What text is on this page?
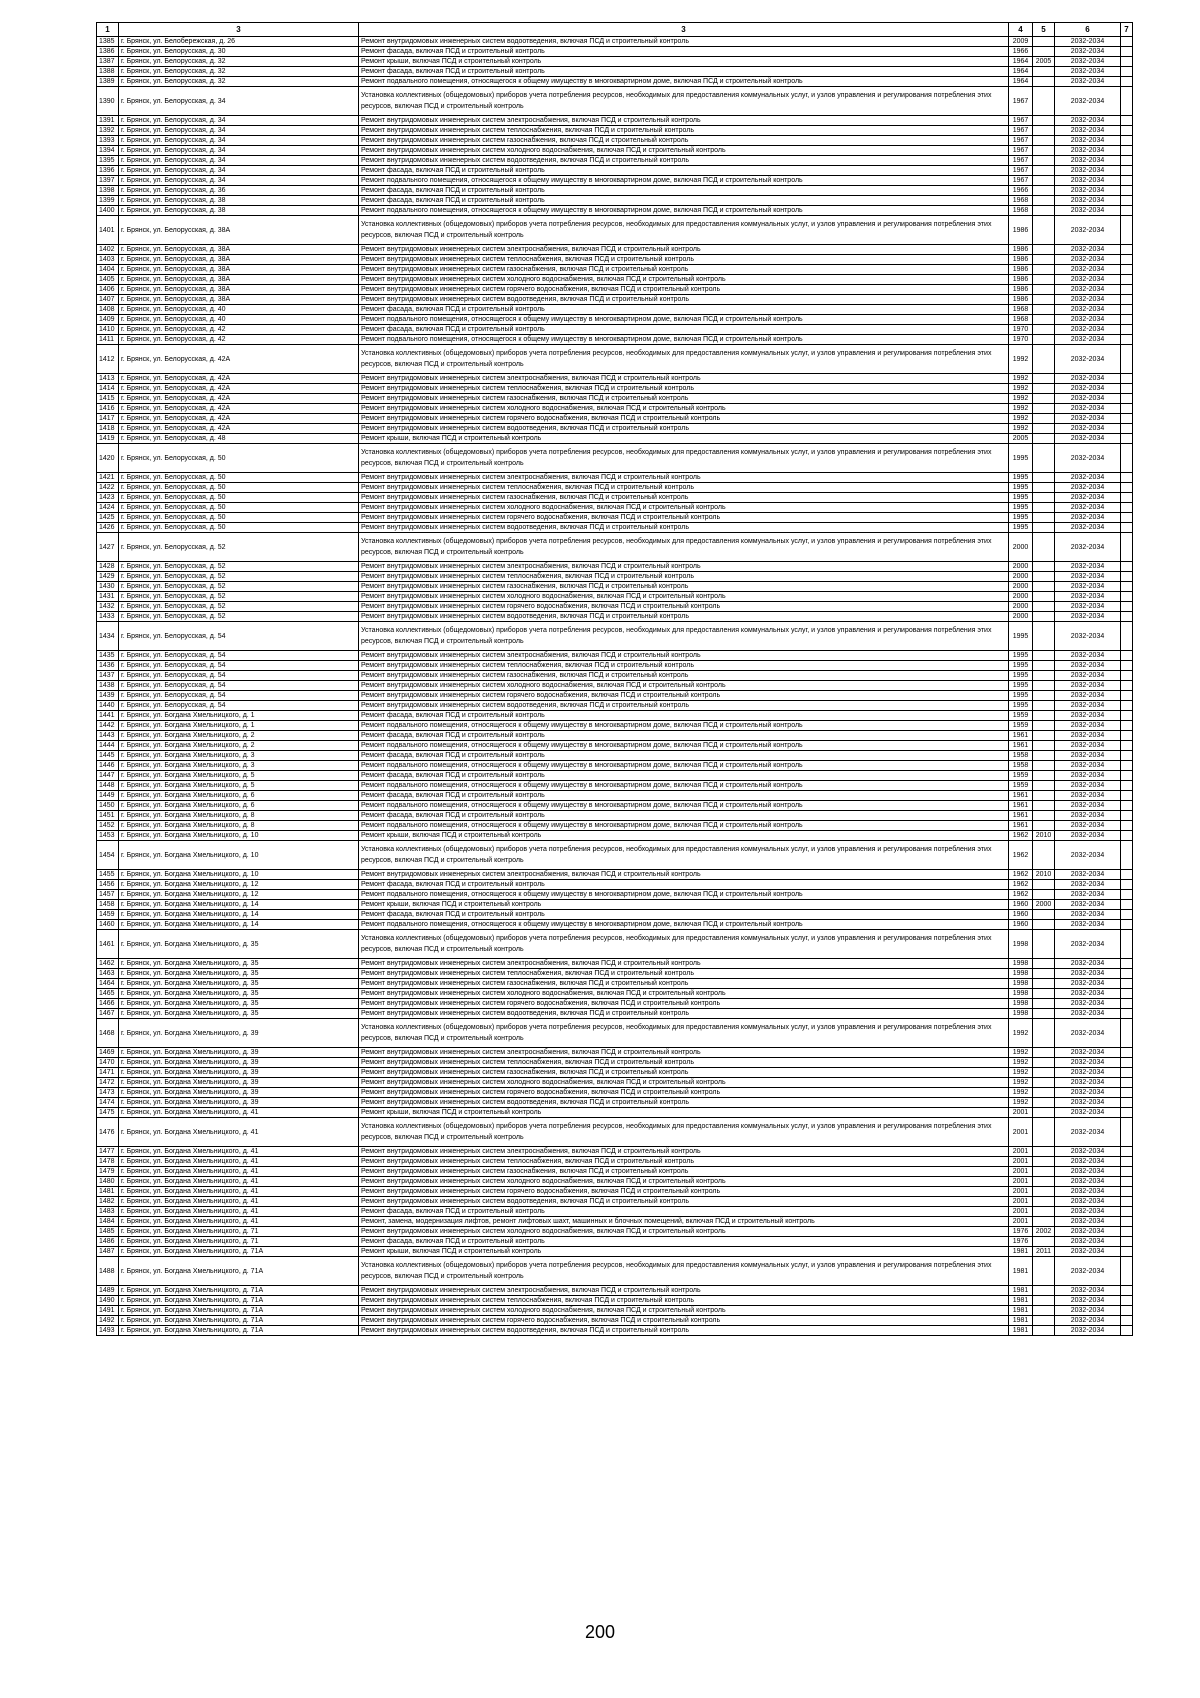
1	3	3	4	5	6	7
1385	г. Брянск, ул. Белобережская, д. 26	Ремонт внутридомовых инженерных систем водоотведения, включая ПСД и строительный контроль	2009		2032-2034	
1386	г. Брянск, ул. Белорусская, д. 30	Ремонт фасада, включая ПСД и строительный контроль	1966		2032-2034	
1387	г. Брянск, ул. Белорусская, д. 32	Ремонт крыши, включая ПСД и строительный контроль	1964	2005	2032-2034	
1388	г. Брянск, ул. Белорусская, д. 32	Ремонт фасада, включая ПСД и строительный контроль	1964		2032-2034	
1389	г. Брянск, ул. Белорусская, д. 32	Ремонт подвального помещения, относящегося к общему имуществу в многоквартирном доме, включая ПСД и строительный контроль	1964		2032-2034	
1390	г. Брянск, ул. Белорусская, д. 34	Установка коллективных (общедомовых) приборов учета потребления ресурсов, необходимых для предоставления коммунальных услуг, и узлов управления и регулирования потребления этих ресурсов, включая ПСД и строительный контроль	1967		2032-2034	
1391	г. Брянск, ул. Белорусская, д. 34	Ремонт внутридомовых инженерных систем электроснабжения, включая ПСД и строительный контроль	1967		2032-2034	
1392	г. Брянск, ул. Белорусская, д. 34	Ремонт внутридомовых инженерных систем теплоснабжения, включая ПСД и строительный контроль	1967		2032-2034	
1393	г. Брянск, ул. Белорусская, д. 34	Ремонт внутридомовых инженерных систем газоснабжения, включая ПСД и строительный контроль	1967		2032-2034	
1394	г. Брянск, ул. Белорусская, д. 34	Ремонт внутридомовых инженерных систем холодного водоснабжения, включая ПСД и строительный контроль	1967		2032-2034	
1395	г. Брянск, ул. Белорусская, д. 34	Ремонт внутридомовых инженерных систем водоотведения, включая ПСД и строительный контроль	1967		2032-2034	
1396	г. Брянск, ул. Белорусская, д. 34	Ремонт фасада, включая ПСД и строительный контроль	1967		2032-2034	
1397	г. Брянск, ул. Белорусская, д. 34	Ремонт подвального помещения, относящегося к общему имуществу в многоквартирном доме, включая ПСД и строительный контроль	1967		2032-2034	
1398	г. Брянск, ул. Белорусская, д. 36	Ремонт фасада, включая ПСД и строительный контроль	1966		2032-2034	
1399	г. Брянск, ул. Белорусская, д. 38	Ремонт фасада, включая ПСД и строительный контроль	1968		2032-2034	
1400	г. Брянск, ул. Белорусская, д. 38	Ремонт подвального помещения, относящегося к общему имуществу в многоквартирном доме, включая ПСД и строительный контроль	1968		2032-2034	
1401	г. Брянск, ул. Белорусская, д. 38А	Установка коллективных (общедомовых) приборов учета потребления ресурсов, необходимых для предоставления коммунальных услуг, и узлов управления и регулирования потребления этих ресурсов, включая ПСД и строительный контроль	1986		2032-2034	
1402	г. Брянск, ул. Белорусская, д. 38А	Ремонт внутридомовых инженерных систем электроснабжения, включая ПСД и строительный контроль	1986		2032-2034	
1403	г. Брянск, ул. Белорусская, д. 38А	Ремонт внутридомовых инженерных систем теплоснабжения, включая ПСД и строительный контроль	1986		2032-2034	
1404	г. Брянск, ул. Белорусская, д. 38А	Ремонт внутридомовых инженерных систем газоснабжения, включая ПСД и строительный контроль	1986		2032-2034	
1405	г. Брянск, ул. Белорусская, д. 38А	Ремонт внутридомовых инженерных систем холодного водоснабжения, включая ПСД и строительный контроль	1986		2032-2034	
1406	г. Брянск, ул. Белорусская, д. 38А	Ремонт внутридомовых инженерных систем горячего водоснабжения, включая ПСД и строительный контроль	1986		2032-2034	
1407	г. Брянск, ул. Белорусская, д. 38А	Ремонт внутридомовых инженерных систем водоотведения, включая ПСД и строительный контроль	1986		2032-2034	
1408	г. Брянск, ул. Белорусская, д. 40	Ремонт фасада, включая ПСД и строительный контроль	1968		2032-2034	
1409	г. Брянск, ул. Белорусская, д. 40	Ремонт подвального помещения, относящегося к общему имуществу в многоквартирном доме, включая ПСД и строительный контроль	1968		2032-2034	
1410	г. Брянск, ул. Белорусская, д. 42	Ремонт фасада, включая ПСД и строительный контроль	1970		2032-2034	
1411	г. Брянск, ул. Белорусская, д. 42	Ремонт подвального помещения, относящегося к общему имуществу в многоквартирном доме, включая ПСД и строительный контроль	1970		2032-2034	
1412	г. Брянск, ул. Белорусская, д. 42А	Установка коллективных (общедомовых) приборов учета потребления ресурсов, необходимых для предоставления коммунальных услуг, и узлов управления и регулирования потребления этих ресурсов, включая ПСД и строительный контроль	1992		2032-2034	
1413	г. Брянск, ул. Белорусская, д. 42А	Ремонт внутридомовых инженерных систем электроснабжения, включая ПСД и строительный контроль	1992		2032-2034	
1414	г. Брянск, ул. Белорусская, д. 42А	Ремонт внутридомовых инженерных систем теплоснабжения, включая ПСД и строительный контроль	1992		2032-2034	
1415	г. Брянск, ул. Белорусская, д. 42А	Ремонт внутридомовых инженерных систем газоснабжения, включая ПСД и строительный контроль	1992		2032-2034	
1416	г. Брянск, ул. Белорусская, д. 42А	Ремонт внутридомовых инженерных систем холодного водоснабжения, включая ПСД и строительный контроль	1992		2032-2034	
1417	г. Брянск, ул. Белорусская, д. 42А	Ремонт внутридомовых инженерных систем горячего водоснабжения, включая ПСД и строительный контроль	1992		2032-2034	
1418	г. Брянск, ул. Белорусская, д. 42А	Ремонт внутридомовых инженерных систем водоотведения, включая ПСД и строительный контроль	1992		2032-2034	
1419	г. Брянск, ул. Белорусская, д. 48	Ремонт крыши, включая ПСД и строительный контроль	2005		2032-2034	
1420	г. Брянск, ул. Белорусская, д. 50	Установка коллективных (общедомовых) приборов учета потребления ресурсов, необходимых для предоставления коммунальных услуг, и узлов управления и регулирования потребления этих ресурсов, включая ПСД и строительный контроль	1995		2032-2034	
1421	г. Брянск, ул. Белорусская, д. 50	Ремонт внутридомовых инженерных систем электроснабжения, включая ПСД и строительный контроль	1995		2032-2034	
1422	г. Брянск, ул. Белорусская, д. 50	Ремонт внутридомовых инженерных систем теплоснабжения, включая ПСД и строительный контроль	1995		2032-2034	
1423	г. Брянск, ул. Белорусская, д. 50	Ремонт внутридомовых инженерных систем газоснабжения, включая ПСД и строительный контроль	1995		2032-2034	
1424	г. Брянск, ул. Белорусская, д. 50	Ремонт внутридомовых инженерных систем холодного водоснабжения, включая ПСД и строительный контроль	1995		2032-2034	
1425	г. Брянск, ул. Белорусская, д. 50	Ремонт внутридомовых инженерных систем горячего водоснабжения, включая ПСД и строительный контроль	1995		2032-2034	
1426	г. Брянск, ул. Белорусская, д. 50	Ремонт внутридомовых инженерных систем водоотведения, включая ПСД и строительный контроль	1995		2032-2034	
1427	г. Брянск, ул. Белорусская, д. 52	Установка коллективных (общедомовых) приборов учета потребления ресурсов, необходимых для предоставления коммунальных услуг, и узлов управления и регулирования потребления этих ресурсов, включая ПСД и строительный контроль	2000		2032-2034	
1428	г. Брянск, ул. Белорусская, д. 52	Ремонт внутридомовых инженерных систем электроснабжения, включая ПСД и строительный контроль	2000		2032-2034	
1429	г. Брянск, ул. Белорусская, д. 52	Ремонт внутридомовых инженерных систем теплоснабжения, включая ПСД и строительный контроль	2000		2032-2034	
1430	г. Брянск, ул. Белорусская, д. 52	Ремонт внутридомовых инженерных систем газоснабжения, включая ПСД и строительный контроль	2000		2032-2034	
1431	г. Брянск, ул. Белорусская, д. 52	Ремонт внутридомовых инженерных систем холодного водоснабжения, включая ПСД и строительный контроль	2000		2032-2034	
1432	г. Брянск, ул. Белорусская, д. 52	Ремонт внутридомовых инженерных систем горячего водоснабжения, включая ПСД и строительный контроль	2000		2032-2034	
1433	г. Брянск, ул. Белорусская, д. 52	Ремонт внутридомовых инженерных систем водоотведения, включая ПСД и строительный контроль	2000		2032-2034	
1434	г. Брянск, ул. Белорусская, д. 54	Установка коллективных (общедомовых) приборов учета потребления ресурсов, необходимых для предоставления коммунальных услуг, и узлов управления и регулирования потребления этих ресурсов, включая ПСД и строительный контроль	1995		2032-2034	
1435	г. Брянск, ул. Белорусская, д. 54	Ремонт внутридомовых инженерных систем электроснабжения, включая ПСД и строительный контроль	1995		2032-2034	
1436	г. Брянск, ул. Белорусская, д. 54	Ремонт внутридомовых инженерных систем теплоснабжения, включая ПСД и строительный контроль	1995		2032-2034	
1437	г. Брянск, ул. Белорусская, д. 54	Ремонт внутридомовых инженерных систем газоснабжения, включая ПСД и строительный контроль	1995		2032-2034	
1438	г. Брянск, ул. Белорусская, д. 54	Ремонт внутридомовых инженерных систем холодного водоснабжения, включая ПСД и строительный контроль	1995		2032-2034	
1439	г. Брянск, ул. Белорусская, д. 54	Ремонт внутридомовых инженерных систем горячего водоснабжения, включая ПСД и строительный контроль	1995		2032-2034	
1440	г. Брянск, ул. Белорусская, д. 54	Ремонт внутридомовых инженерных систем водоотведения, включая ПСД и строительный контроль	1995		2032-2034	
1441	г. Брянск, ул. Богдана Хмельницкого, д. 1	Ремонт фасада, включая ПСД и строительный контроль	1959		2032-2034	
1442	г. Брянск, ул. Богдана Хмельницкого, д. 1	Ремонт подвального помещения, относящегося к общему имуществу в многоквартирном доме, включая ПСД и строительный контроль	1959		2032-2034	
1443	г. Брянск, ул. Богдана Хмельницкого, д. 2	Ремонт фасада, включая ПСД и строительный контроль	1961		2032-2034	
1444	г. Брянск, ул. Богдана Хмельницкого, д. 2	Ремонт подвального помещения, относящегося к общему имуществу в многоквартирном доме, включая ПСД и строительный контроль	1961		2032-2034	
1445	г. Брянск, ул. Богдана Хмельницкого, д. 3	Ремонт фасада, включая ПСД и строительный контроль	1958		2032-2034	
1446	г. Брянск, ул. Богдана Хмельницкого, д. 3	Ремонт подвального помещения, относящегося к общему имуществу в многоквартирном доме, включая ПСД и строительный контроль	1958		2032-2034	
1447	г. Брянск, ул. Богдана Хмельницкого, д. 5	Ремонт фасада, включая ПСД и строительный контроль	1959		2032-2034	
1448	г. Брянск, ул. Богдана Хмельницкого, д. 5	Ремонт подвального помещения, относящегося к общему имуществу в многоквартирном доме, включая ПСД и строительный контроль	1959		2032-2034	
1449	г. Брянск, ул. Богдана Хмельницкого, д. 6	Ремонт фасада, включая ПСД и строительный контроль	1961		2032-2034	
1450	г. Брянск, ул. Богдана Хмельницкого, д. 6	Ремонт подвального помещения, относящегося к общему имуществу в многоквартирном доме, включая ПСД и строительный контроль	1961		2032-2034	
1451	г. Брянск, ул. Богдана Хмельницкого, д. 8	Ремонт фасада, включая ПСД и строительный контроль	1961		2032-2034	
1452	г. Брянск, ул. Богдана Хмельницкого, д. 8	Ремонт подвального помещения, относящегося к общему имуществу в многоквартирном доме, включая ПСД и строительный контроль	1961		2032-2034	
1453	г. Брянск, ул. Богдана Хмельницкого, д. 10	Ремонт крыши, включая ПСД и строительный контроль	1962	2010	2032-2034	
1454	г. Брянск, ул. Богдана Хмельницкого, д. 10	Установка коллективных (общедомовых) приборов учета потребления ресурсов, необходимых для предоставления коммунальных услуг, и узлов управления и регулирования потребления этих ресурсов, включая ПСД и строительный контроль	1962		2032-2034	
1455	г. Брянск, ул. Богдана Хмельницкого, д. 10	Ремонт внутридомовых инженерных систем электроснабжения, включая ПСД и строительный контроль	1962	2010	2032-2034	
1456	г. Брянск, ул. Богдана Хмельницкого, д. 12	Ремонт фасада, включая ПСД и строительный контроль	1962		2032-2034	
1457	г. Брянск, ул. Богдана Хмельницкого, д. 12	Ремонт подвального помещения, относящегося к общему имуществу в многоквартирном доме, включая ПСД и строительный контроль	1962		2032-2034	
1458	г. Брянск, ул. Богдана Хмельницкого, д. 14	Ремонт крыши, включая ПСД и строительный контроль	1960	2000	2032-2034	
1459	г. Брянск, ул. Богдана Хмельницкого, д. 14	Ремонт фасада, включая ПСД и строительный контроль	1960		2032-2034	
1460	г. Брянск, ул. Богдана Хмельницкого, д. 14	Ремонт подвального помещения, относящегося к общему имуществу в многоквартирном доме, включая ПСД и строительный контроль	1960		2032-2034	
1461	г. Брянск, ул. Богдана Хмельницкого, д. 35	Установка коллективных (общедомовых) приборов учета потребления ресурсов, необходимых для предоставления коммунальных услуг, и узлов управления и регулирования потребления этих ресурсов, включая ПСД и строительный контроль	1998		2032-2034	
1462	г. Брянск, ул. Богдана Хмельницкого, д. 35	Ремонт внутридомовых инженерных систем электроснабжения, включая ПСД и строительный контроль	1998		2032-2034	
1463	г. Брянск, ул. Богдана Хмельницкого, д. 35	Ремонт внутридомовых инженерных систем теплоснабжения, включая ПСД и строительный контроль	1998		2032-2034	
1464	г. Брянск, ул. Богдана Хмельницкого, д. 35	Ремонт внутридомовых инженерных систем газоснабжения, включая ПСД и строительный контроль	1998		2032-2034	
1465	г. Брянск, ул. Богдана Хмельницкого, д. 35	Ремонт внутридомовых инженерных систем холодного водоснабжения, включая ПСД и строительный контроль	1998		2032-2034	
1466	г. Брянск, ул. Богдана Хмельницкого, д. 35	Ремонт внутридомовых инженерных систем горячего водоснабжения, включая ПСД и строительный контроль	1998		2032-2034	
1467	г. Брянск, ул. Богдана Хмельницкого, д. 35	Ремонт внутридомовых инженерных систем водоотведения, включая ПСД и строительный контроль	1998		2032-2034	
1468	г. Брянск, ул. Богдана Хмельницкого, д. 39	Установка коллективных (общедомовых) приборов учета потребления ресурсов, необходимых для предоставления коммунальных услуг, и узлов управления и регулирования потребления этих ресурсов, включая ПСД и строительный контроль	1992		2032-2034	
1469	г. Брянск, ул. Богдана Хмельницкого, д. 39	Ремонт внутридомовых инженерных систем электроснабжения, включая ПСД и строительный контроль	1992		2032-2034	
1470	г. Брянск, ул. Богдана Хмельницкого, д. 39	Ремонт внутридомовых инженерных систем теплоснабжения, включая ПСД и строительный контроль	1992		2032-2034	
1471	г. Брянск, ул. Богдана Хмельницкого, д. 39	Ремонт внутридомовых инженерных систем газоснабжения, включая ПСД и строительный контроль	1992		2032-2034	
1472	г. Брянск, ул. Богдана Хмельницкого, д. 39	Ремонт внутридомовых инженерных систем холодного водоснабжения, включая ПСД и строительный контроль	1992		2032-2034	
1473	г. Брянск, ул. Богдана Хмельницкого, д. 39	Ремонт внутридомовых инженерных систем горячего водоснабжения, включая ПСД и строительный контроль	1992		2032-2034	
1474	г. Брянск, ул. Богдана Хмельницкого, д. 39	Ремонт внутридомовых инженерных систем водоотведения, включая ПСД и строительный контроль	1992		2032-2034	
1475	г. Брянск, ул. Богдана Хмельницкого, д. 41	Ремонт крыши, включая ПСД и строительный контроль	2001		2032-2034	
1476	г. Брянск, ул. Богдана Хмельницкого, д. 41	Установка коллективных (общедомовых) приборов учета потребления ресурсов, необходимых для предоставления коммунальных услуг, и узлов управления и регулирования потребления этих ресурсов, включая ПСД и строительный контроль	2001		2032-2034	
1477	г. Брянск, ул. Богдана Хмельницкого, д. 41	Ремонт внутридомовых инженерных систем электроснабжения, включая ПСД и строительный контроль	2001		2032-2034	
1478	г. Брянск, ул. Богдана Хмельницкого, д. 41	Ремонт внутридомовых инженерных систем теплоснабжения, включая ПСД и строительный контроль	2001		2032-2034	
1479	г. Брянск, ул. Богдана Хмельницкого, д. 41	Ремонт внутридомовых инженерных систем газоснабжения, включая ПСД и строительный контроль	2001		2032-2034	
1480	г. Брянск, ул. Богдана Хмельницкого, д. 41	Ремонт внутридомовых инженерных систем холодного водоснабжения, включая ПСД и строительный контроль	2001		2032-2034	
1481	г. Брянск, ул. Богдана Хмельницкого, д. 41	Ремонт внутридомовых инженерных систем горячего водоснабжения, включая ПСД и строительный контроль	2001		2032-2034	
1482	г. Брянск, ул. Богдана Хмельницкого, д. 41	Ремонт внутридомовых инженерных систем водоотведения, включая ПСД и строительный контроль	2001		2032-2034	
1483	г. Брянск, ул. Богдана Хмельницкого, д. 41	Ремонт фасада, включая ПСД и строительный контроль	2001		2032-2034	
1484	г. Брянск, ул. Богдана Хмельницкого, д. 41	Ремонт, замена, модернизация лифтов, ремонт лифтовых шахт, машинных и блочных помещений, включая ПСД и строительный контроль	2001		2032-2034	
1485	г. Брянск, ул. Богдана Хмельницкого, д. 71	Ремонт внутридомовых инженерных систем холодного водоснабжения, включая ПСД и строительный контроль	1976	2002	2032-2034	
1486	г. Брянск, ул. Богдана Хмельницкого, д. 71	Ремонт фасада, включая ПСД и строительный контроль	1976		2032-2034	
1487	г. Брянск, ул. Богдана Хмельницкого, д. 71А	Ремонт крыши, включая ПСД и строительный контроль	1981	2011	2032-2034	
1488	г. Брянск, ул. Богдана Хмельницкого, д. 71А	Установка коллективных (общедомовых) приборов учета потребления ресурсов, необходимых для предоставления коммунальных услуг, и узлов управления и регулирования потребления этих ресурсов, включая ПСД и строительный контроль	1981		2032-2034	
1489	г. Брянск, ул. Богдана Хмельницкого, д. 71А	Ремонт внутридомовых инженерных систем электроснабжения, включая ПСД и строительный контроль	1981		2032-2034	
1490	г. Брянск, ул. Богдана Хмельницкого, д. 71А	Ремонт внутридомовых инженерных систем теплоснабжения, включая ПСД и строительный контроль	1981		2032-2034	
1491	г. Брянск, ул. Богдана Хмельницкого, д. 71А	Ремонт внутридомовых инженерных систем холодного водоснабжения, включая ПСД и строительный контроль	1981		2032-2034	
1492	г. Брянск, ул. Богдана Хмельницкого, д. 71А	Ремонт внутридомовых инженерных систем горячего водоснабжения, включая ПСД и строительный контроль	1981		2032-2034	
1493	г. Брянск, ул. Богдана Хмельницкого, д. 71А	Ремонт внутридомовых инженерных систем водоотведения, включая ПСД и строительный контроль	1981		2032-2034	
200
